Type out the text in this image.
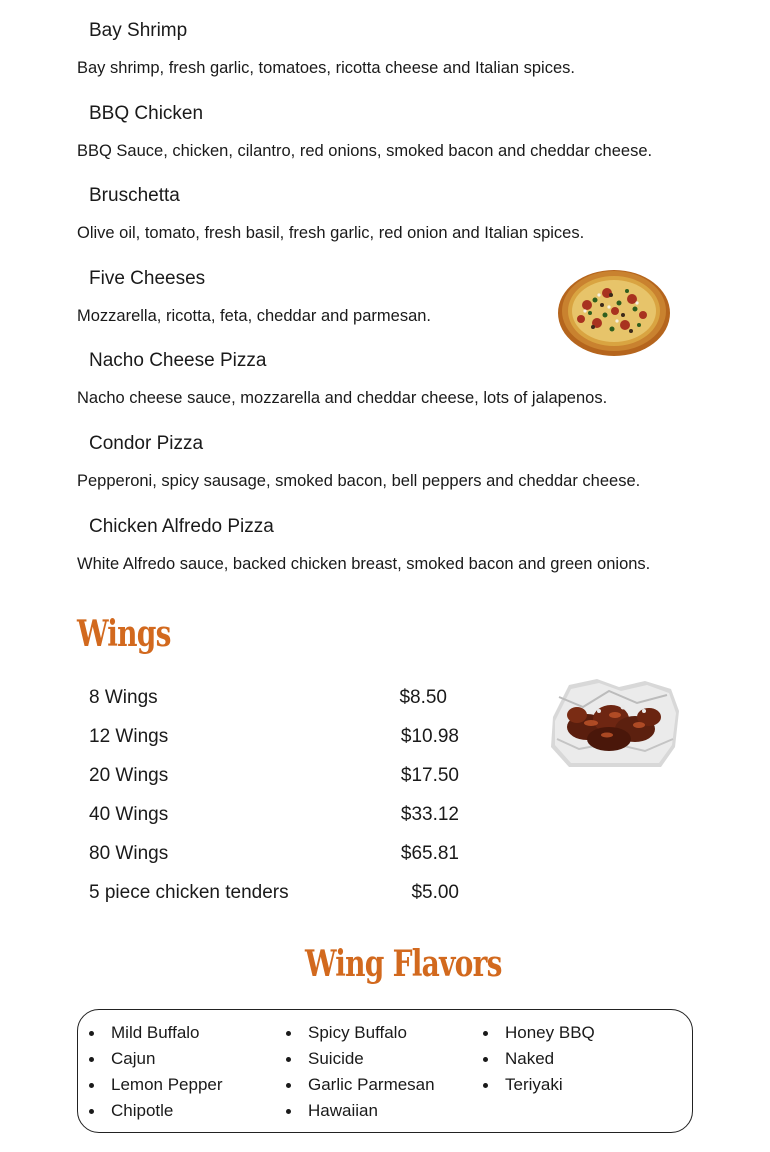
Bay Shrimp
Bay shrimp, fresh garlic, tomatoes, ricotta cheese and Italian spices.
BBQ Chicken
BBQ Sauce, chicken, cilantro, red onions, smoked bacon and cheddar cheese.
Bruschetta
Olive oil, tomato, fresh basil, fresh garlic, red onion and Italian spices.
Five Cheeses
Mozzarella, ricotta, feta, cheddar and parmesan.
Nacho Cheese Pizza
Nacho cheese sauce, mozzarella and cheddar cheese, lots of jalapenos.
Condor Pizza
Pepperoni, spicy sausage, smoked bacon, bell peppers and cheddar cheese.
Chicken Alfredo Pizza
White Alfredo sauce, backed chicken breast, smoked bacon and green onions.
Wings
8 Wings	$8.50
12 Wings	$10.98
20 Wings	$17.50
40 Wings	$33.12
80 Wings	$65.81
5 piece chicken tenders	$5.00
Wing Flavors
Mild Buffalo
Cajun
Lemon Pepper
Chipotle
Spicy Buffalo
Suicide
Garlic Parmesan
Hawaiian
Honey BBQ
Naked
Teriyaki
